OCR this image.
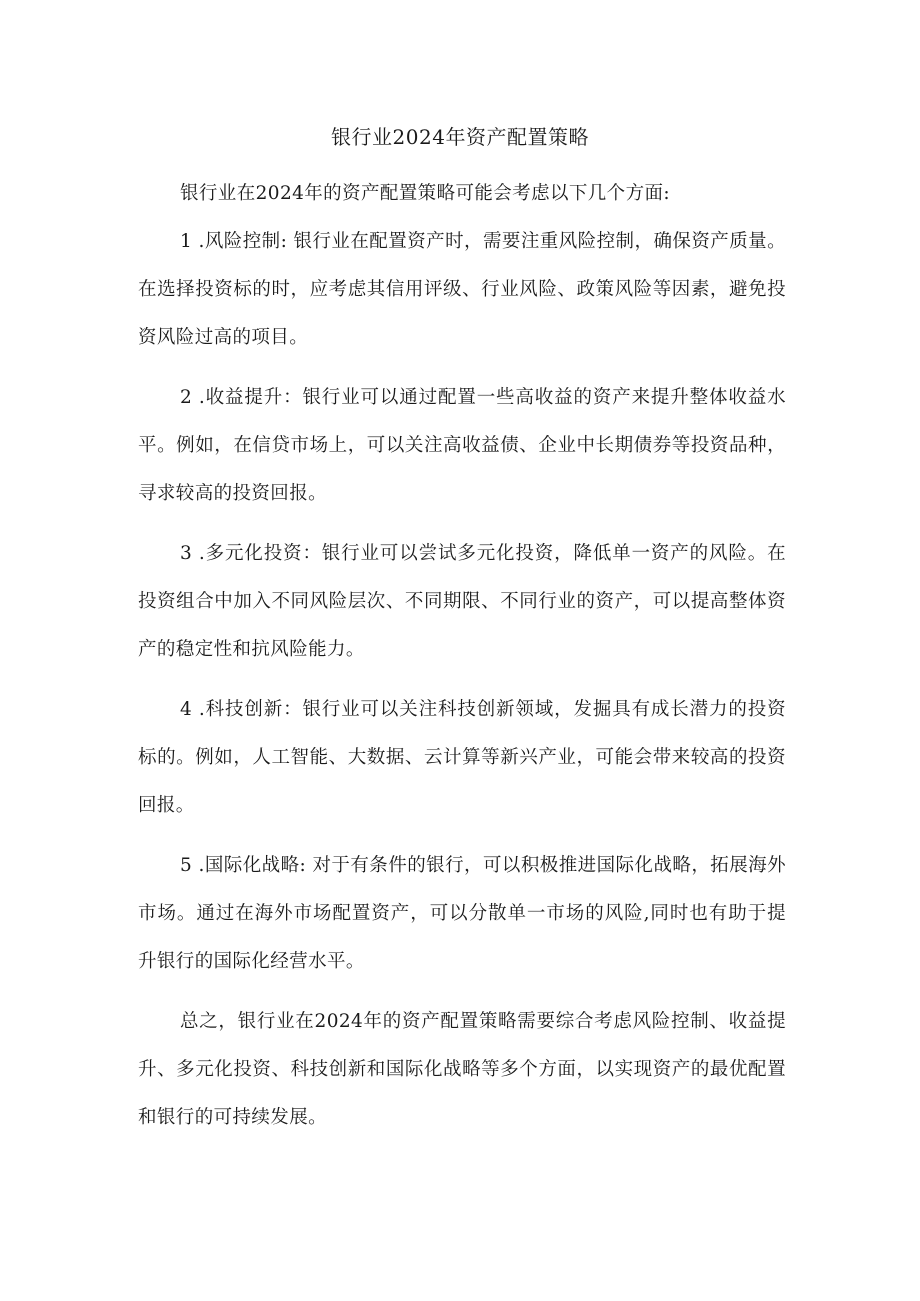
银行业2024年资产配置策略

银行业在2024年的资产配置策略可能会考虑以下几个方面:

1 .风险控制: 银行业在配置资产时，需要注重风险控制，确保资产质量。在选择投资标的时，应考虑其信用评级、行业风险、政策风险等因素，避免投资风险过高的项目。

2 .收益提升：银行业可以通过配置一些高收益的资产来提升整体收益水平。例如，在信贷市场上，可以关注高收益债、企业中长期债券等投资品种，寻求较高的投资回报。

3 .多元化投资：银行业可以尝试多元化投资，降低单一资产的风险。在投资组合中加入不同风险层次、不同期限、不同行业的资产，可以提高整体资产的稳定性和抗风险能力。

4 .科技创新：银行业可以关注科技创新领域，发掘具有成长潜力的投资标的。例如，人工智能、大数据、云计算等新兴产业，可能会带来较高的投资回报。

5 .国际化战略: 对于有条件的银行，可以积极推进国际化战略，拓展海外市场。通过在海外市场配置资产，可以分散单一市场的风险,同时也有助于提升银行的国际化经营水平。

总之，银行业在2024年的资产配置策略需要综合考虑风险控制、收益提升、多元化投资、科技创新和国际化战略等多个方面，以实现资产的最优配置和银行的可持续发展。
